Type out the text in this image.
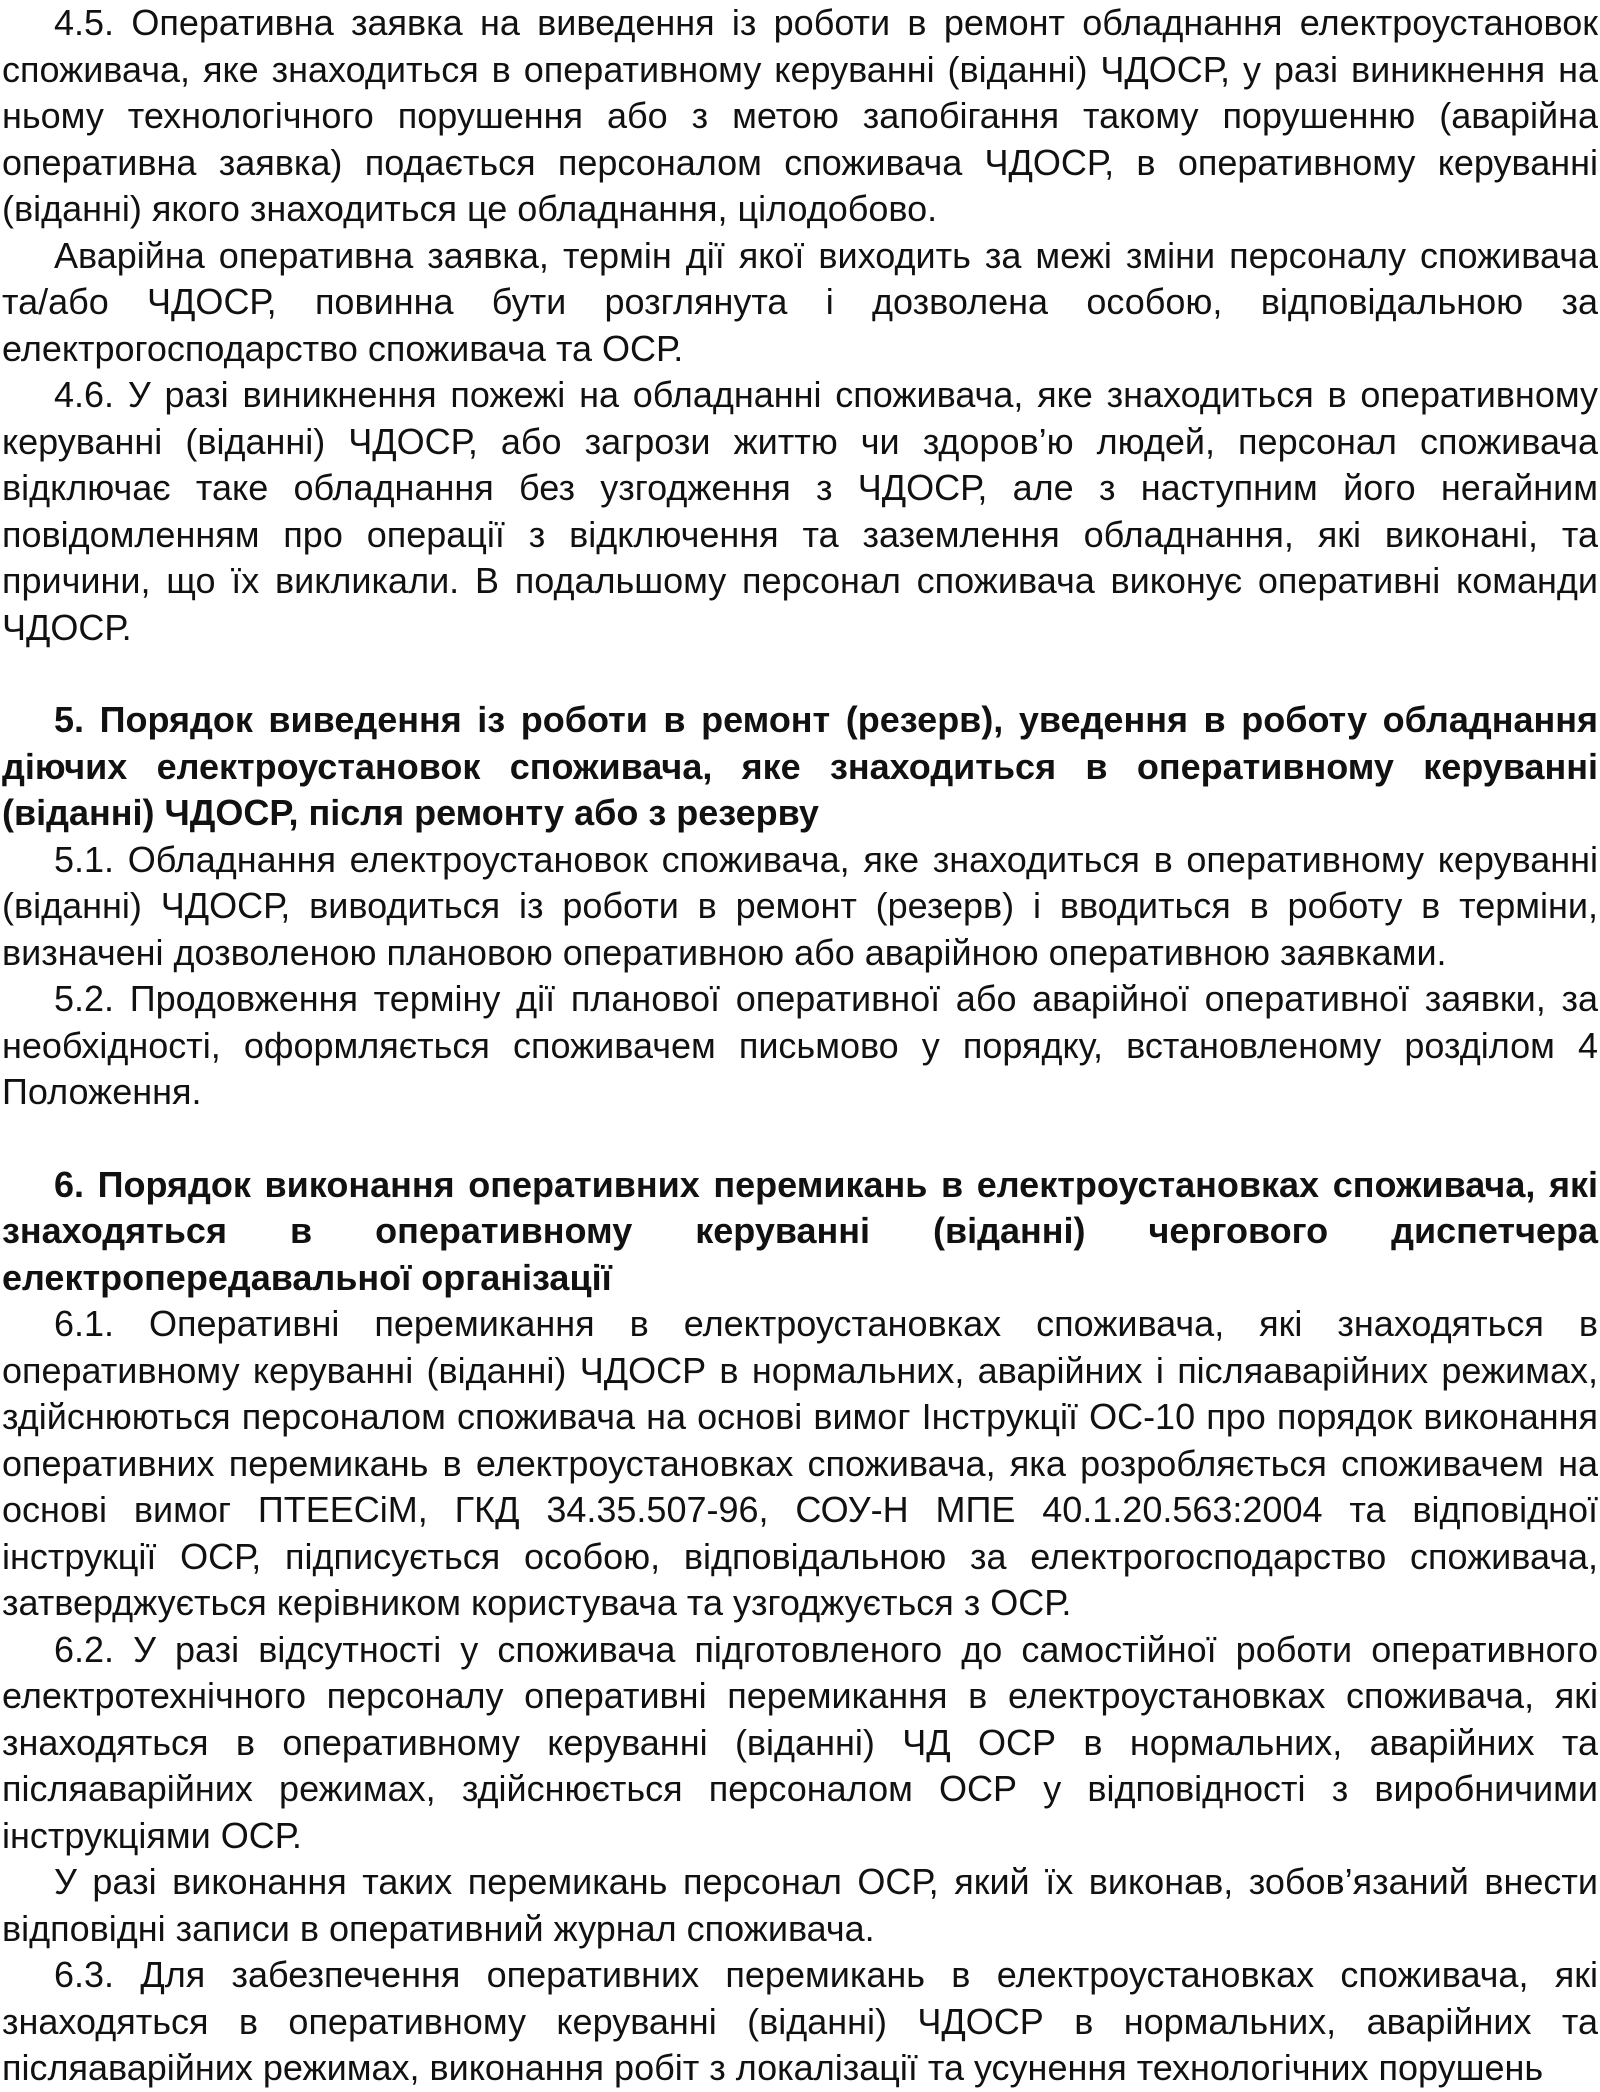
4.5. Оперативна заявка на виведення із роботи в ремонт обладнання електроустановок споживача, яке знаходиться в оперативному керуванні (віданні) ЧДОСР, у разі виникнення на ньому технологічного порушення або з метою запобігання такому порушенню (аварійна оперативна заявка) подається персоналом споживача ЧДОСР, в оперативному керуванні (віданні) якого знаходиться це обладнання, цілодобово.

Аварійна оперативна заявка, термін дії якої виходить за межі зміни персоналу споживача та/або ЧДОСР, повинна бути розглянута і дозволена особою, відповідальною за електрогосподарство споживача та ОСР.

4.6. У разі виникнення пожежі на обладнанні споживача, яке знаходиться в оперативному керуванні (віданні) ЧДОСР, або загрози життю чи здоров’ю людей, персонал споживача відключає таке обладнання без узгодження з ЧДОСР, але з наступним його негайним повідомленням про операції з відключення та заземлення обладнання, які виконані, та причини, що їх викликали. В подальшому персонал споживача виконує оперативні команди ЧДОСР.

5. Порядок виведення із роботи в ремонт (резерв), уведення в роботу обладнання діючих електроустановок споживача, яке знаходиться в оперативному керуванні (віданні) ЧДОСР, після ремонту або з резерву

5.1. Обладнання електроустановок споживача, яке знаходиться в оперативному керуванні (віданні) ЧДОСР, виводиться із роботи в ремонт (резерв) і вводиться в роботу в терміни, визначені дозволеною плановою оперативною або аварійною оперативною заявками.

5.2. Продовження терміну дії планової оперативної або аварійної оперативної заявки, за необхідності, оформляється споживачем письмово у порядку, встановленому розділом 4 Положення.

6. Порядок виконання оперативних перемикань в електроустановках споживача, які знаходяться в оперативному керуванні (віданні) чергового диспетчера електропередавальної організації

6.1. Оперативні перемикання в електроустановках споживача, які знаходяться в оперативному керуванні (віданні) ЧДОСР в нормальних, аварійних і післяаварійних режимах, здійснюються персоналом споживача на основі вимог Інструкції ОС-10 про порядок виконання оперативних перемикань в електроустановках споживача, яка розробляється споживачем на основі вимог ПТЕЕСіМ, ГКД 34.35.507-96, СОУ-Н МПЕ 40.1.20.563:2004 та відповідної інструкції ОСР, підписується особою, відповідальною за електрогосподарство споживача, затверджується керівником користувача та узгоджується з ОСР.

6.2. У разі відсутності у споживача підготовленого до самостійної роботи оперативного електротехнічного персоналу оперативні перемикання в електроустановках споживача, які знаходяться в оперативному керуванні (віданні) ЧД ОСР в нормальних, аварійних та післяаварійних режимах, здійснюється персоналом ОСР у відповідності з виробничими інструкціями ОСР.

У разі виконання таких перемикань персонал ОСР, який їх виконав, зобов’язаний внести відповідні записи в оперативний журнал споживача.

6.3. Для забезпечення оперативних перемикань в електроустановках споживача, які знаходяться в оперативному керуванні (віданні) ЧДОСР в нормальних, аварійних та післяаварійних режимах, виконання робіт з локалізації та усунення технологічних порушень
